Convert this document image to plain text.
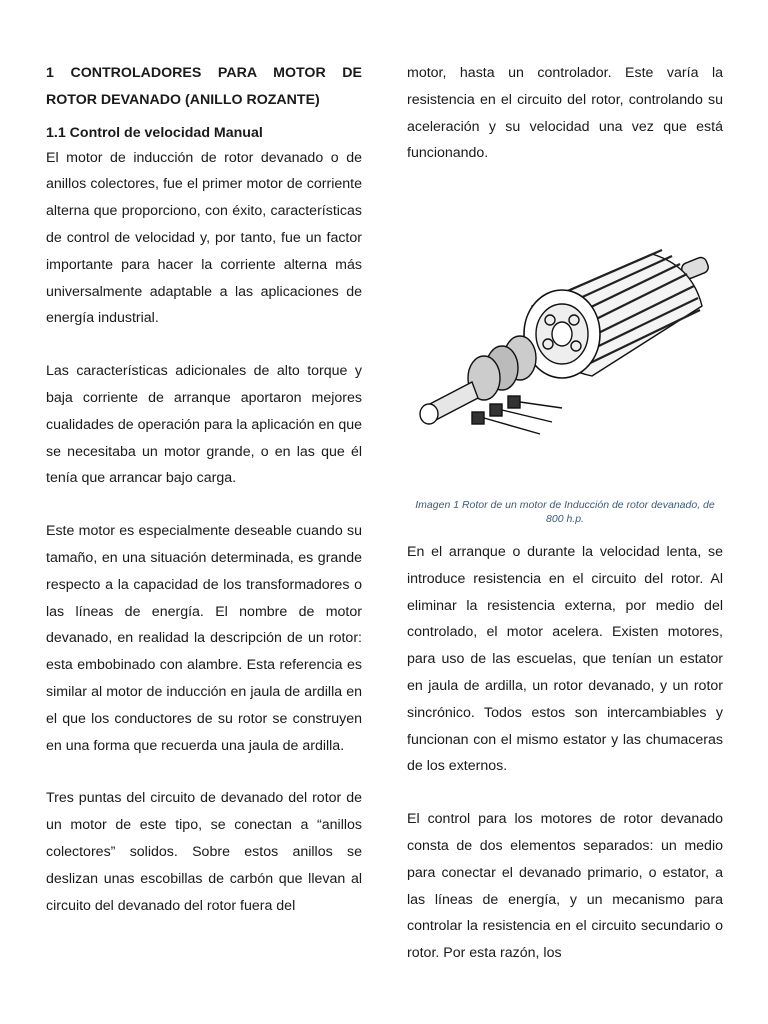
1 CONTROLADORES PARA MOTOR DE ROTOR DEVANADO (ANILLO ROZANTE)
1.1 Control de velocidad Manual

El motor de inducción de rotor devanado o de anillos colectores, fue el primer motor de corriente alterna que proporciono, con éxito, características de control de velocidad y, por tanto, fue un factor importante para hacer la corriente alterna más universalmente adaptable a las aplicaciones de energía industrial.

Las características adicionales de alto torque y baja corriente de arranque aportaron mejores cualidades de operación para la aplicación en que se necesitaba un motor grande, o en las que él tenía que arrancar bajo carga.

Este motor es especialmente deseable cuando su tamaño, en una situación determinada, es grande respecto a la capacidad de los transformadores o las líneas de energía. El nombre de motor devanado, en realidad la descripción de un rotor: esta embobinado con alambre. Esta referencia es similar al motor de inducción en jaula de ardilla en el que los conductores de su rotor se construyen en una forma que recuerda una jaula de ardilla.

Tres puntas del circuito de devanado del rotor de un motor de este tipo, se conectan a “anillos colectores” solidos. Sobre estos anillos se deslizan unas escobillas de carbón que llevan al circuito del devanado del rotor fuera del

motor, hasta un controlador. Este varía la resistencia en el circuito del rotor, controlando su aceleración y su velocidad una vez que está funcionando.

Imagen 1 Rotor de un motor de Inducción de rotor devanado, de 800 h.p.

En el arranque o durante la velocidad lenta, se introduce resistencia en el circuito del rotor. Al eliminar la resistencia externa, por medio del controlado, el motor acelera. Existen motores, para uso de las escuelas, que tenían un estator en jaula de ardilla, un rotor devanado, y un rotor sincrónico. Todos estos son intercambiables y funcionan con el mismo estator y las chumaceras de los externos.

El control para los motores de rotor devanado consta de dos elementos separados: un medio para conectar el devanado primario, o estator, a las líneas de energía, y un mecanismo para controlar la resistencia en el circuito secundario o rotor. Por esta razón, los
